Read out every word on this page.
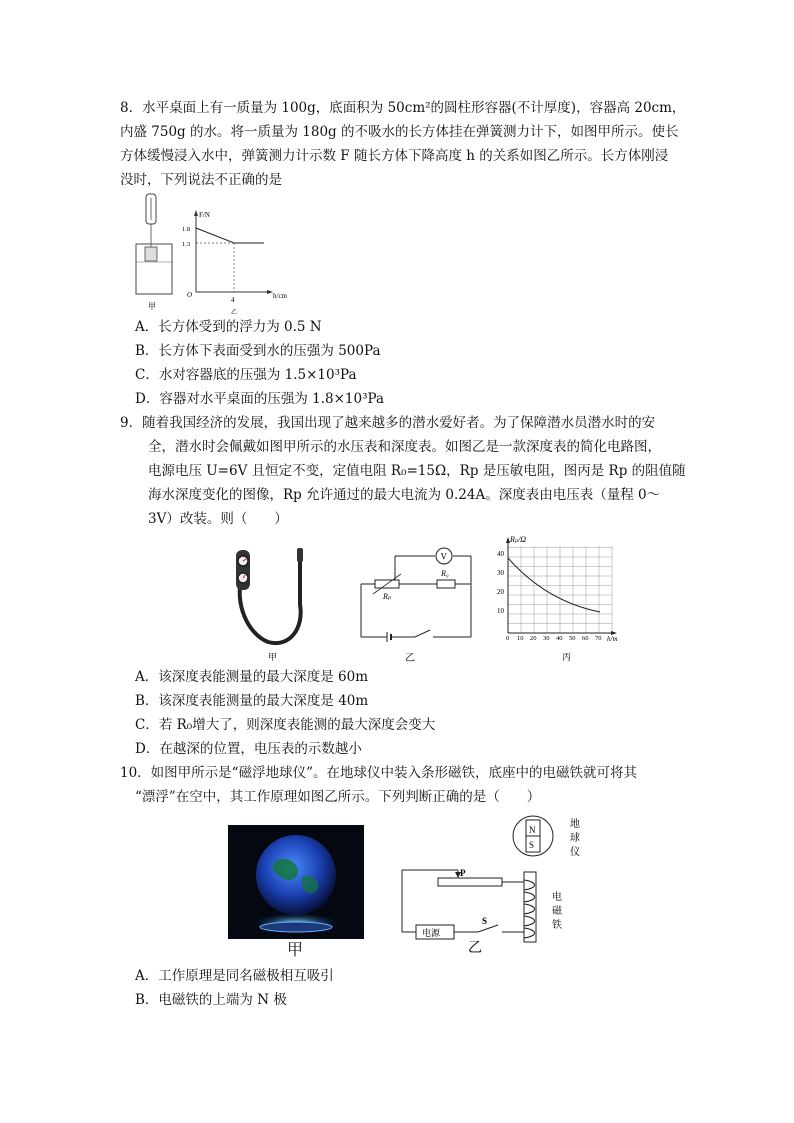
8．水平桌面上有一质量为 100g，底面积为 50cm²的圆柱形容器(不计厚度)，容器高 20cm，
内盛 750g 的水。将一质量为 180g 的不吸水的长方体挂在弹簧测力计下，如图甲所示。使长
方体缓慢浸入水中，弹簧测力计示数 F 随长方体下降高度 h 的关系如图乙所示。长方体刚浸
没时，下列说法不正确的是
甲
F/N
h/cm
O
1.8
1.3
4
乙
A．长方体受到的浮力为 0.5 N
B．长方体下表面受到水的压强为 500Pa
C．水对容器底的压强为 1.5×10³Pa
D．容器对水平桌面的压强为 1.8×10³Pa
9．随着我国经济的发展，我国出现了越来越多的潜水爱好者。为了保障潜水员潜水时的安
全，潜水时会佩戴如图甲所示的水压表和深度表。如图乙是一款深度表的简化电路图，
电源电压 U=6V 且恒定不变，定值电阻 R₀=15Ω，Rp 是压敏电阻，图丙是 Rp 的阻值随
海水深度变化的图像，Rp 允许通过的最大电流为 0.24A。深度表由电压表（量程 0～
3V）改装。则（　　）
甲
V
Rₚ
R₀
乙
Rₚ/Ω
h/m
40
30
20
10
0 10 20 30 40 50 60 70
丙
A．该深度表能测量的最大深度是 60m
B．该深度表能测量的最大深度是 40m
C．若 R₀增大了，则深度表能测的最大深度会变大
D．在越深的位置，电压表的示数越小
10．如图甲所示是“磁浮地球仪”。在地球仪中装入条形磁铁，底座中的电磁铁就可将其
“漂浮”在空中，其工作原理如图乙所示。下列判断正确的是（　　）
甲
N
S
地
球
仪
P
电
磁
铁
电源
S
乙
A．工作原理是同名磁极相互吸引
B．电磁铁的上端为 N 极
